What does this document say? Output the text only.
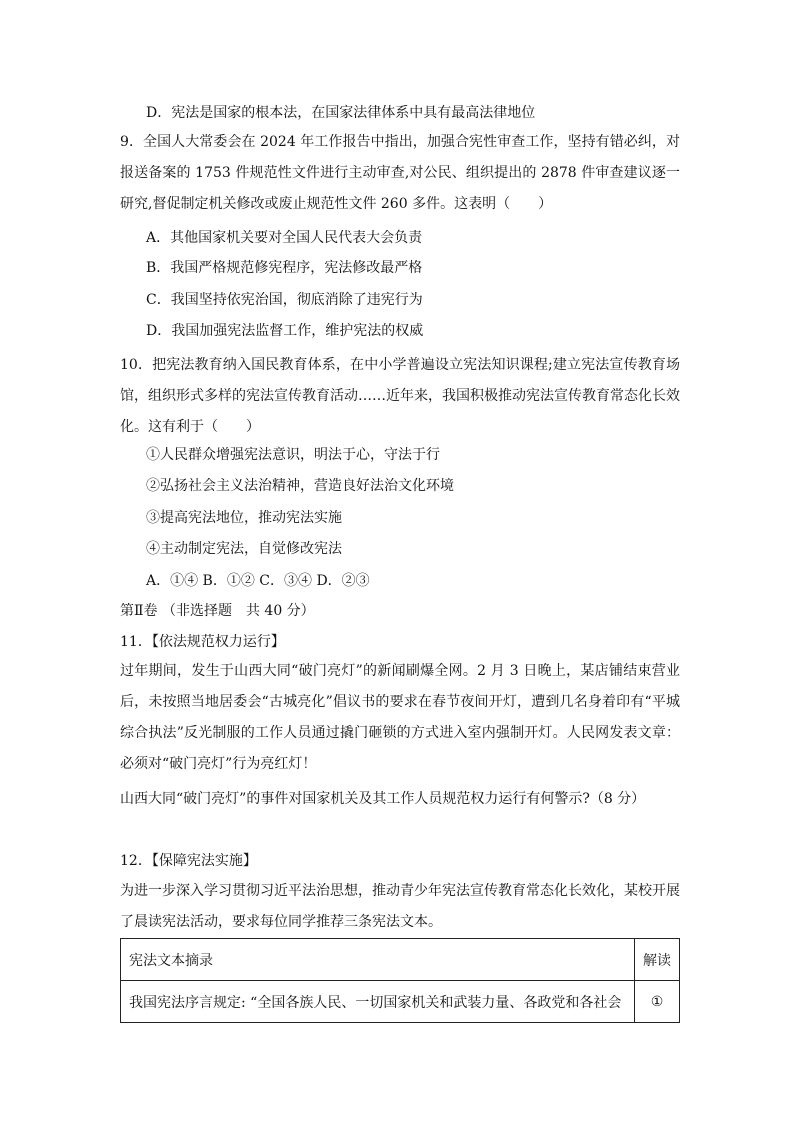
D．宪法是国家的根本法，在国家法律体系中具有最高法律地位
9．全国人大常委会在 2024 年工作报告中指出，加强合宪性审查工作，坚持有错必纠，对报送备案的 1753 件规范性文件进行主动审查,对公民、组织提出的 2878 件审查建议逐一研究,督促制定机关修改或废止规范性文件 260 多件。这表明（　　）
A．其他国家机关要对全国人民代表大会负责
B．我国严格规范修宪程序，宪法修改最严格
C．我国坚持依宪治国，彻底消除了违宪行为
D．我国加强宪法监督工作，维护宪法的权威
10．把宪法教育纳入国民教育体系，在中小学普遍设立宪法知识课程;建立宪法宣传教育场馆，组织形式多样的宪法宣传教育活动……近年来，我国积极推动宪法宣传教育常态化长效化。这有利于（　　）
①人民群众增强宪法意识，明法于心，守法于行
②弘扬社会主义法治精神，营造良好法治文化环境
③提高宪法地位，推动宪法实施
④主动制定宪法，自觉修改宪法
A．①④ B．①② C．③④ D．②③
第Ⅱ卷 （非选择题　共 40 分）
11．【依法规范权力运行】
过年期间，发生于山西大同“破门亮灯”的新闻刷爆全网。2 月 3 日晚上，某店铺结束营业后，未按照当地居委会“古城亮化”倡议书的要求在春节夜间开灯，遭到几名身着印有“平城综合执法”反光制服的工作人员通过撬门砸锁的方式进入室内强制开灯。人民网发表文章：必须对“破门亮灯”行为亮红灯！
山西大同“破门亮灯”的事件对国家机关及其工作人员规范权力运行有何警示?（8 分）
12．【保障宪法实施】
为进一步深入学习贯彻习近平法治思想，推动青少年宪法宣传教育常态化长效化，某校开展了晨读宪法活动，要求每位同学推荐三条宪法文本。
宪法文本摘录	解读
我国宪法序言规定: “全国各族人民、一切国家机关和武装力量、各政党和各社会	①
